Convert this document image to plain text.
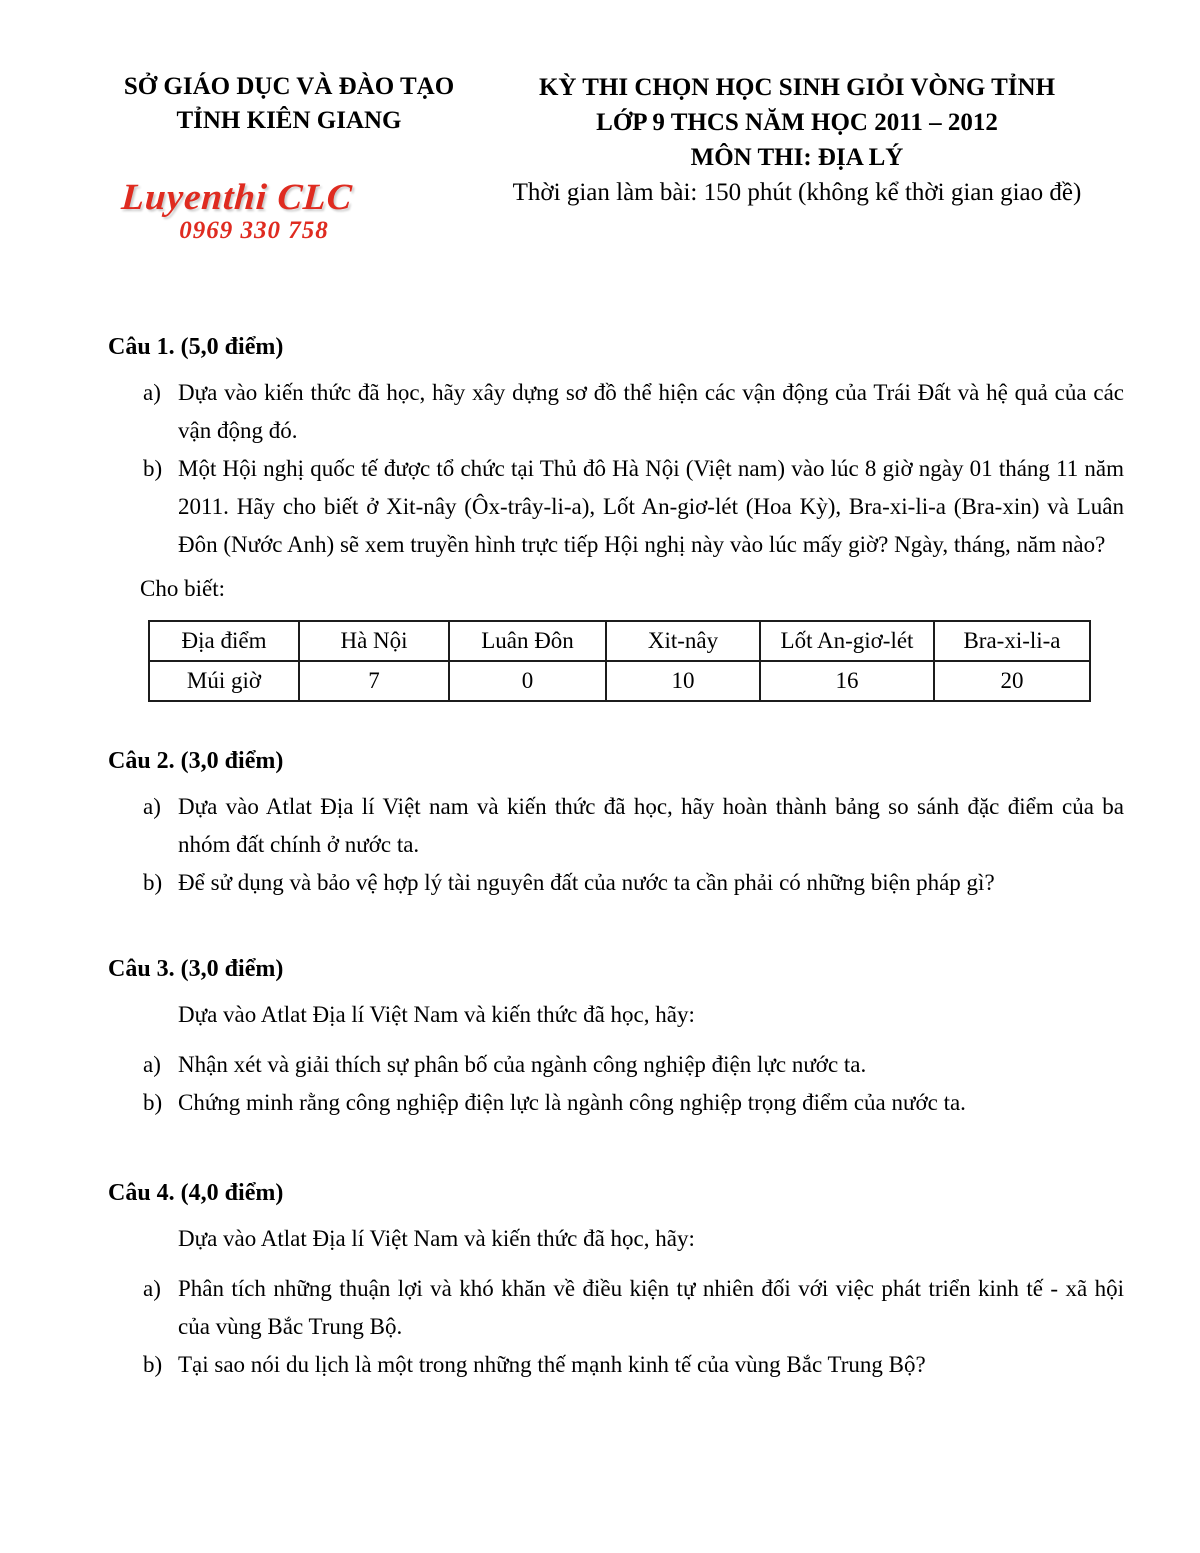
SỞ GIÁO DỤC VÀ ĐÀO TẠO
TỈNH KIÊN GIANG
Luyenthi CLC
0969 330 758
KỲ THI CHỌN HỌC SINH GIỎI VÒNG TỈNH
LỚP 9 THCS NĂM HỌC 2011 – 2012
MÔN THI: ĐỊA LÝ
Thời gian làm bài: 150 phút (không kể thời gian giao đề)
Câu 1. (5,0 điểm)
a) Dựa vào kiến thức đã học, hãy xây dựng sơ đồ thể hiện các vận động của Trái Đất và hệ quả của các vận động đó.
b) Một Hội nghị quốc tế được tổ chức tại Thủ đô Hà Nội (Việt nam) vào lúc 8 giờ ngày 01 tháng 11 năm 2011. Hãy cho biết ở Xit-nây (Ôx-trây-li-a), Lốt An-giơ-lét (Hoa Kỳ), Bra-xi-li-a (Bra-xin) và Luân Đôn (Nước Anh) sẽ xem truyền hình trực tiếp Hội nghị này vào lúc mấy giờ? Ngày, tháng, năm nào?
Cho biết:
Địa điểm	Hà Nội	Luân Đôn	Xit-nây	Lốt An-giơ-lét	Bra-xi-li-a
Múi giờ	7	0	10	16	20
Câu 2. (3,0 điểm)
a) Dựa vào Atlat Địa lí Việt nam và kiến thức đã học, hãy hoàn thành bảng so sánh đặc điểm của ba nhóm đất chính ở nước ta.
b) Để sử dụng và bảo vệ hợp lý tài nguyên đất của nước ta cần phải có những biện pháp gì?
Câu 3. (3,0 điểm)
Dựa vào Atlat Địa lí Việt Nam và kiến thức đã học, hãy:
a) Nhận xét và giải thích sự phân bố của ngành công nghiệp điện lực nước ta.
b) Chứng minh rằng công nghiệp điện lực là ngành công nghiệp trọng điểm của nước ta.
Câu 4. (4,0 điểm)
Dựa vào Atlat Địa lí Việt Nam và kiến thức đã học, hãy:
a) Phân tích những thuận lợi và khó khăn về điều kiện tự nhiên đối với việc phát triển kinh tế - xã hội của vùng Bắc Trung Bộ.
b) Tại sao nói du lịch là một trong những thế mạnh kinh tế của vùng Bắc Trung Bộ?
